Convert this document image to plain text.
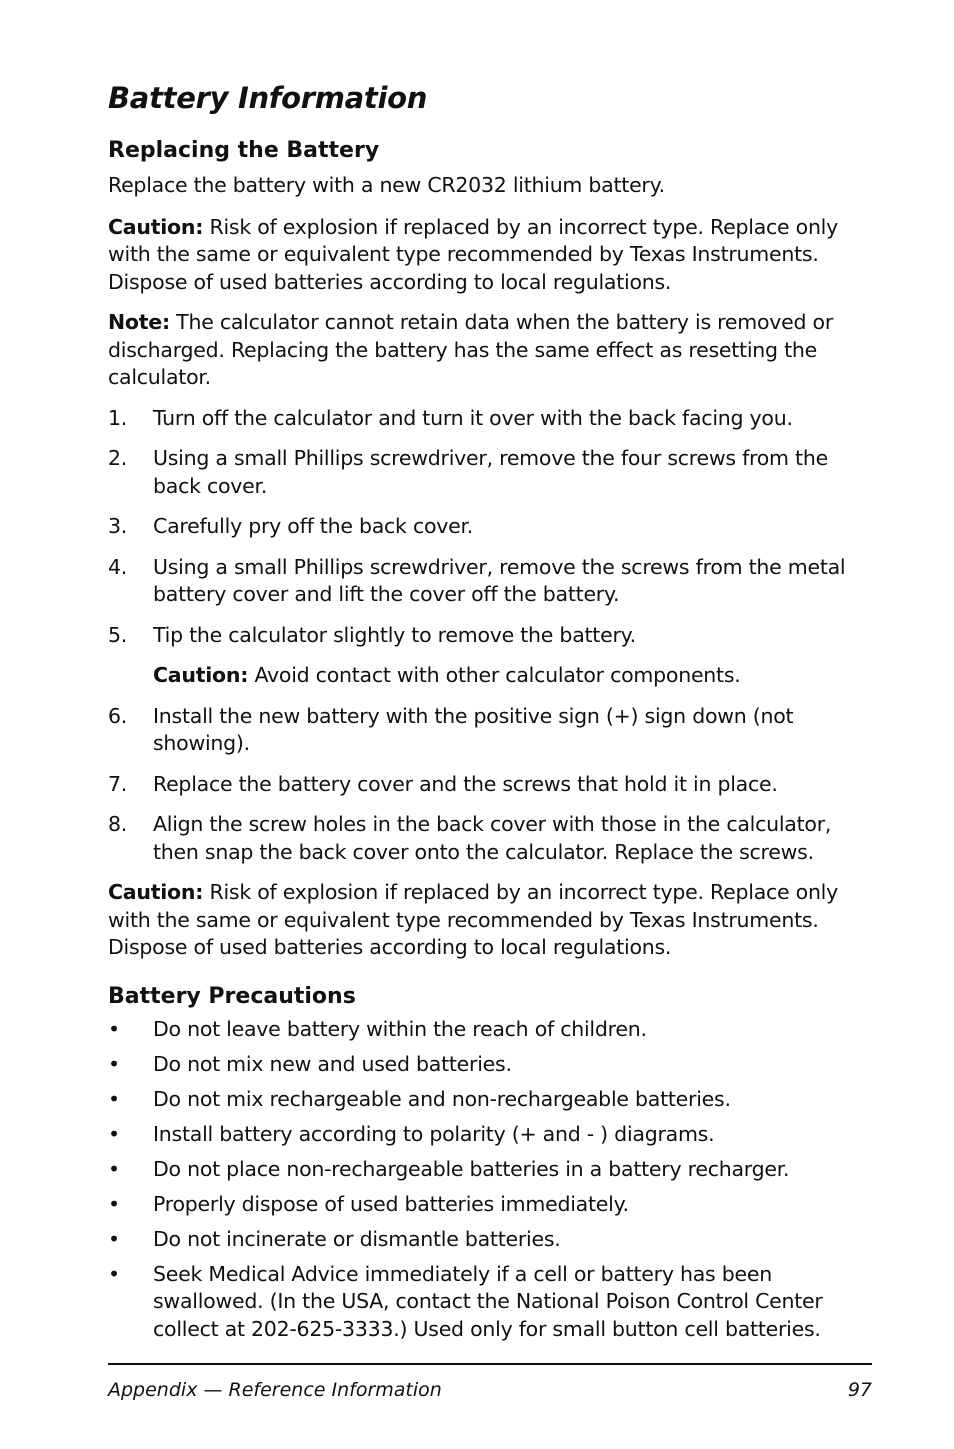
Battery Information
Replacing the Battery

Replace the battery with a new CR2032 lithium battery.

Caution: Risk of explosion if replaced by an incorrect type. Replace only with the same or equivalent type recommended by Texas Instruments. Dispose of used batteries according to local regulations.

Note: The calculator cannot retain data when the battery is removed or discharged. Replacing the battery has the same effect as resetting the calculator.

1.	Turn off the calculator and turn it over with the back facing you.
2.	Using a small Phillips screwdriver, remove the four screws from the back cover.
3.	Carefully pry off the back cover.
4.	Using a small Phillips screwdriver, remove the screws from the metal battery cover and lift the cover off the battery.
5.	Tip the calculator slightly to remove the battery.

Caution: Avoid contact with other calculator components.

6.	Install the new battery with the positive sign (+) sign down (not showing).
7.	Replace the battery cover and the screws that hold it in place.
8.	Align the screw holes in the back cover with those in the calculator, then snap the back cover onto the calculator. Replace the screws.

Caution: Risk of explosion if replaced by an incorrect type. Replace only with the same or equivalent type recommended by Texas Instruments. Dispose of used batteries according to local regulations.

Battery Precautions
•	Do not leave battery within the reach of children.
•	Do not mix new and used batteries.
•	Do not mix rechargeable and non-rechargeable batteries.
•	Install battery according to polarity (+ and - ) diagrams.
•	Do not place non-rechargeable batteries in a battery recharger.
•	Properly dispose of used batteries immediately.
•	Do not incinerate or dismantle batteries.
•	Seek Medical Advice immediately if a cell or battery has been swallowed. (In the USA, contact the National Poison Control Center collect at 202-625-3333.) Used only for small button cell batteries.
Appendix — Reference Information	97
